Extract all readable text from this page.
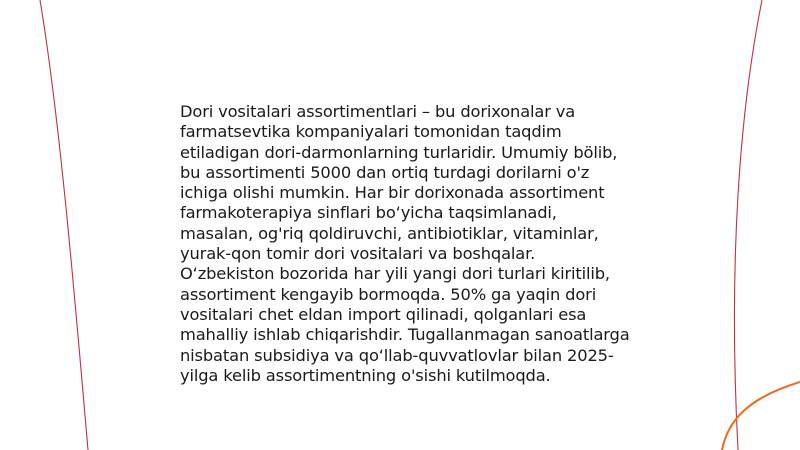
Dori vositalari assortimentlari – bu dorixonalar va farmatsevtika kompaniyalari tomonidan taqdim etiladigan dori-darmonlarning turlaridir. Umumiy bölib, bu assortimenti 5000 dan ortiq turdagi dorilarni o'z ichiga olishi mumkin. Har bir dorixonada assortiment farmakoterapiya sinflari bo‘yicha taqsimlanadi, masalan, og'riq qoldiruvchi, antibiotiklar, vitaminlar, yurak-qon tomir dori vositalari va boshqalar. O‘zbekiston bozorida har yili yangi dori turlari kiritilib, assortiment kengayib bormoqda. 50% ga yaqin dori vositalari chet eldan import qilinadi, qolganlari esa mahalliy ishlab chiqarishdir. Tugallanmagan sanoatlarga nisbatan subsidiya va qo‘llab-quvvatlovlar bilan 2025-yilga kelib assortimentning o'sishi kutilmoqda.
